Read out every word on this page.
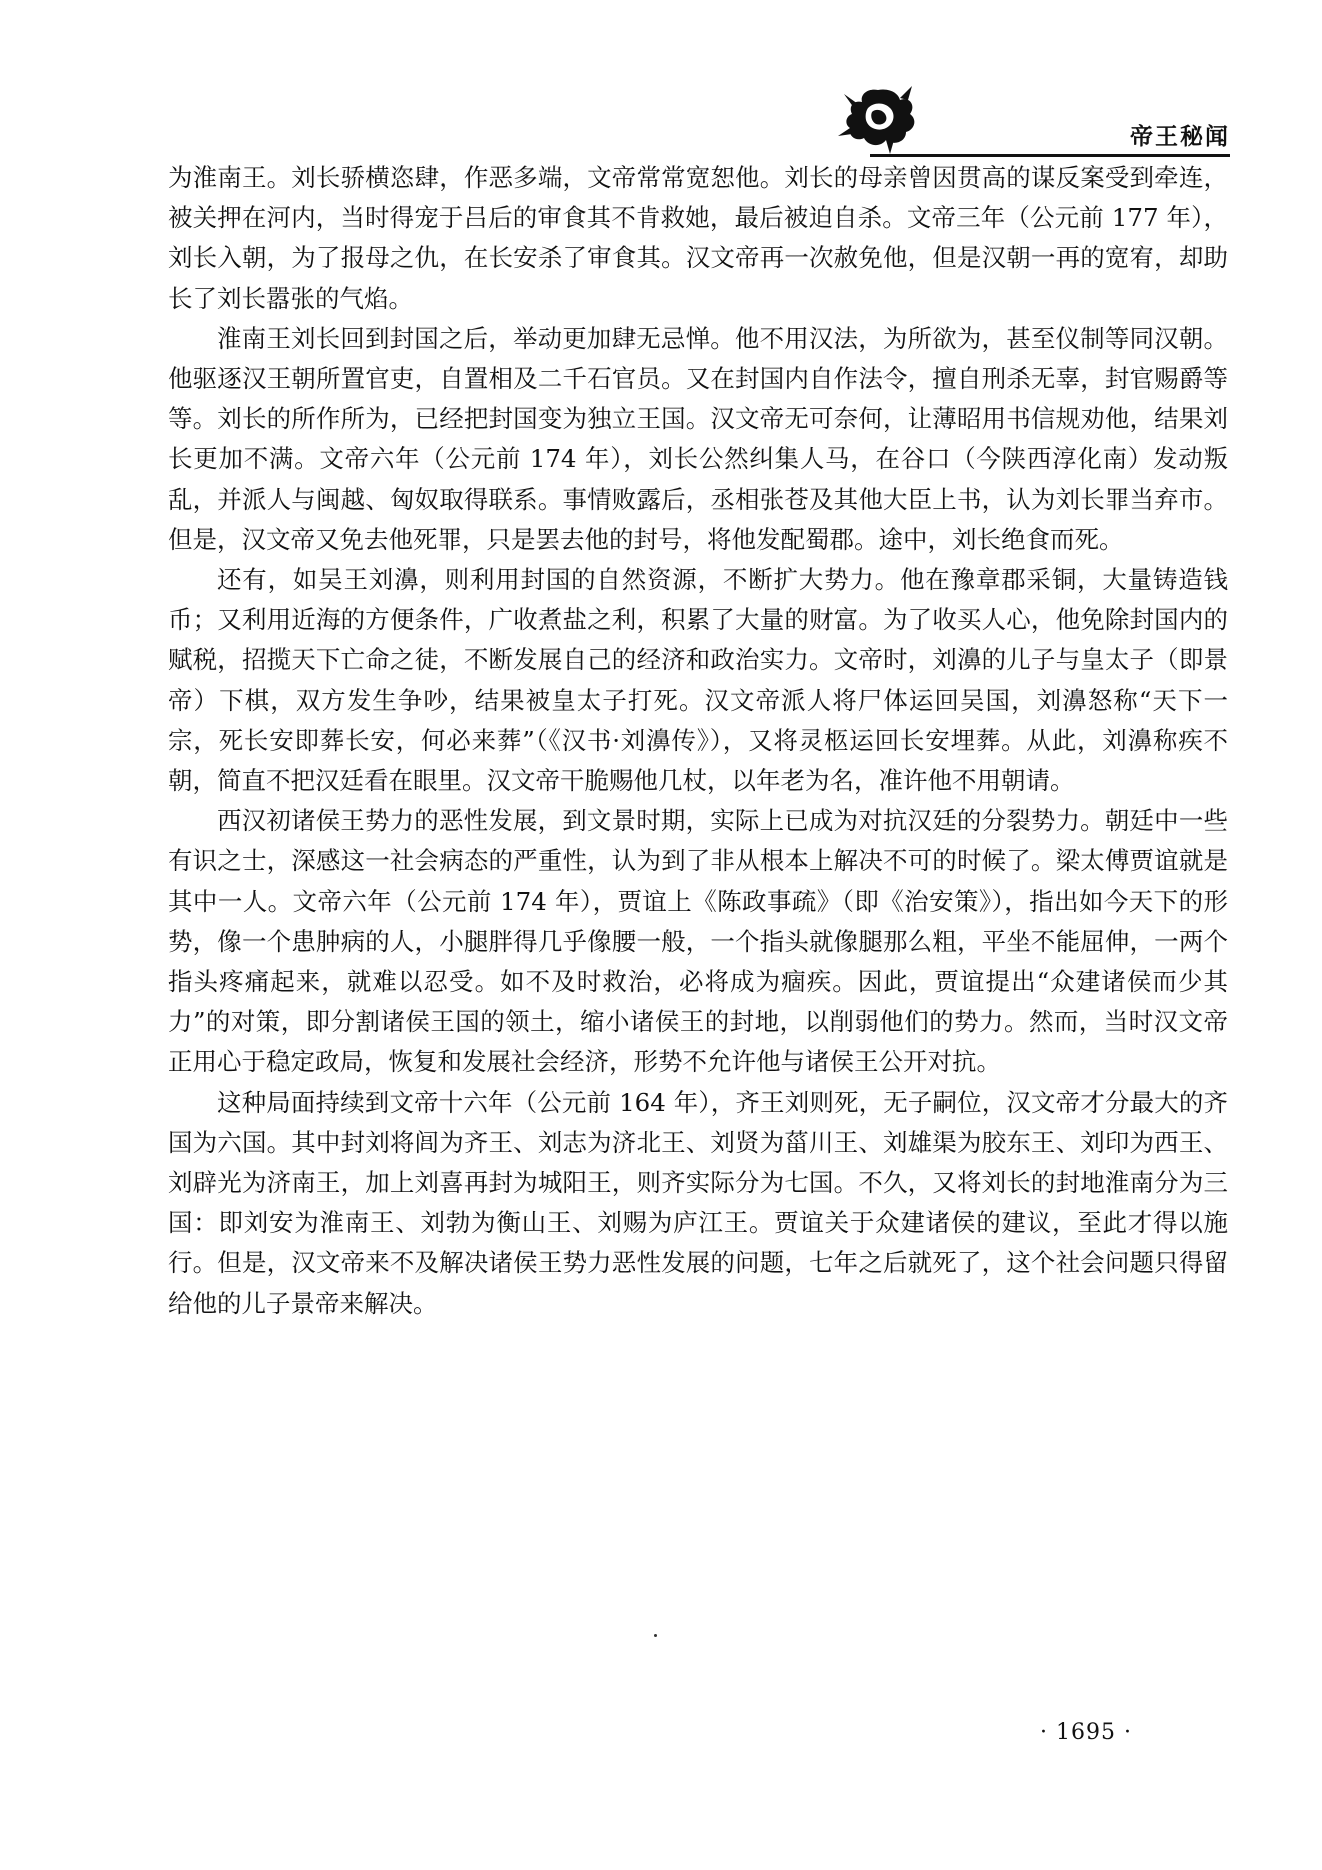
帝王秘闻

为淮南王。刘长骄横恣肆，作恶多端，文帝常常宽恕他。刘长的母亲曾因贯高的谋反案受到牵连，被关押在河内，当时得宠于吕后的审食其不肯救她，最后被迫自杀。文帝三年（公元前 177 年），刘长入朝，为了报母之仇，在长安杀了审食其。汉文帝再一次赦免他，但是汉朝一再的宽宥，却助长了刘长嚣张的气焰。

淮南王刘长回到封国之后，举动更加肆无忌惮。他不用汉法，为所欲为，甚至仪制等同汉朝。他驱逐汉王朝所置官吏，自置相及二千石官员。又在封国内自作法令，擅自刑杀无辜，封官赐爵等等。刘长的所作所为，已经把封国变为独立王国。汉文帝无可奈何，让薄昭用书信规劝他，结果刘长更加不满。文帝六年（公元前 174 年），刘长公然纠集人马，在谷口（今陕西淳化南）发动叛乱，并派人与闽越、匈奴取得联系。事情败露后，丞相张苍及其他大臣上书，认为刘长罪当弃市。但是，汉文帝又免去他死罪，只是罢去他的封号，将他发配蜀郡。途中，刘长绝食而死。

还有，如吴王刘濞，则利用封国的自然资源，不断扩大势力。他在豫章郡采铜，大量铸造钱币；又利用近海的方便条件，广收煮盐之利，积累了大量的财富。为了收买人心，他免除封国内的赋税，招揽天下亡命之徒，不断发展自己的经济和政治实力。文帝时，刘濞的儿子与皇太子（即景帝）下棋，双方发生争吵，结果被皇太子打死。汉文帝派人将尸体运回吴国，刘濞怒称“天下一宗，死长安即葬长安，何必来葬”（《汉书·刘濞传》），又将灵柩运回长安埋葬。从此，刘濞称疾不朝，简直不把汉廷看在眼里。汉文帝干脆赐他几杖，以年老为名，准许他不用朝请。

西汉初诸侯王势力的恶性发展，到文景时期，实际上已成为对抗汉廷的分裂势力。朝廷中一些有识之士，深感这一社会病态的严重性，认为到了非从根本上解决不可的时候了。梁太傅贾谊就是其中一人。文帝六年（公元前 174 年），贾谊上《陈政事疏》（即《治安策》），指出如今天下的形势，像一个患肿病的人，小腿胖得几乎像腰一般，一个指头就像腿那么粗，平坐不能屈伸，一两个指头疼痛起来，就难以忍受。如不及时救治，必将成为痼疾。因此，贾谊提出“众建诸侯而少其力”的对策，即分割诸侯王国的领土，缩小诸侯王的封地，以削弱他们的势力。然而，当时汉文帝正用心于稳定政局，恢复和发展社会经济，形势不允许他与诸侯王公开对抗。

这种局面持续到文帝十六年（公元前 164 年），齐王刘则死，无子嗣位，汉文帝才分最大的齐国为六国。其中封刘将闾为齐王、刘志为济北王、刘贤为菑川王、刘雄渠为胶东王、刘印为西王、刘辟光为济南王，加上刘喜再封为城阳王，则齐实际分为七国。不久，又将刘长的封地淮南分为三国：即刘安为淮南王、刘勃为衡山王、刘赐为庐江王。贾谊关于众建诸侯的建议，至此才得以施行。但是，汉文帝来不及解决诸侯王势力恶性发展的问题，七年之后就死了，这个社会问题只得留给他的儿子景帝来解决。

· 1695 ·
